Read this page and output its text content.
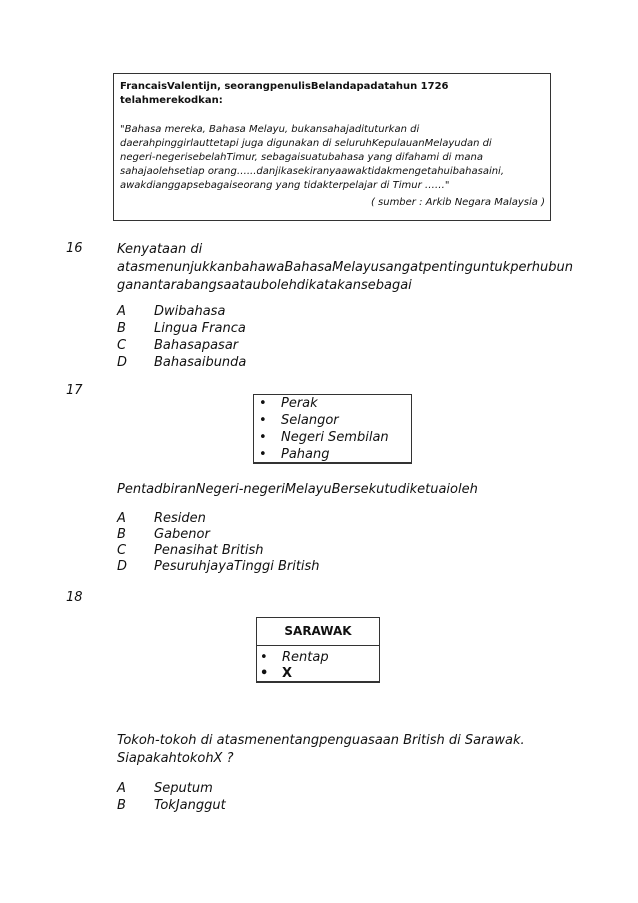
FrancaisValentijn, seorangpenulisBelandapadatahun 1726
telahmerekodkan:
"Bahasa mereka, Bahasa Melayu, bukansahajadituturkan di
daerahpinggirlauttetapi juga digunakan di seluruhKepulauanMelayudan di
negeri-negerisebelahTimur, sebagaisuatubahasa yang difahami di mana
sahajaolehsetiap orang…...danjikasekiranyaawaktidakmengetahuibahasaini,
awakdianggapsebagaiseorang yang tidakterpelajar di Timur ……"
( sumber : Arkib Negara Malaysia )
16	Kenyataan di
atasmenunjukkanbahawaBahasaMelayusangatpentinguntukperhubun
ganantarabangsaataubolehdikatakansebagai
A Dwibahasa
B Lingua Franca
C Bahasapasar
D Bahasaibunda
17
• Perak
• Selangor
• Negeri Sembilan
• Pahang
PentadbiranNegeri-negeriMelayuBersekutudiketuaioleh
A Residen
B Gabenor
C Penasihat British
D PesuruhjayaTinggi British
18
SARAWAK
• Rentap
• X
Tokoh-tokoh di atasmenentangpenguasaan British di Sarawak.
SiapakahtokohX ?
A Seputum
B TokJanggut
